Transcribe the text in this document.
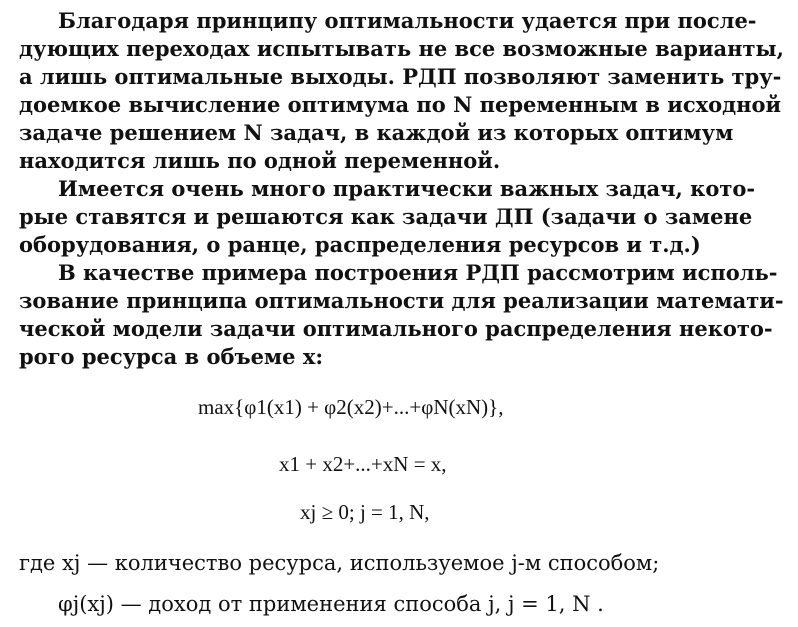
Благодаря принципу оптимальности удается при после-
дующих переходах испытывать не все возможные варианты,
а лишь оптимальные выходы. РДП позволяют заменить тру-
доемкое вычисление оптимума по N переменным в исходной
задаче решением N задач, в каждой из которых оптимум
находится лишь по одной переменной.
Имеется очень много практически важных задач, кото-
рые ставятся и решаются как задачи ДП (задачи о замене
оборудования, о ранце, распределения ресурсов и т.д.)
В качестве примера построения РДП рассмотрим исполь-
зование принципа оптимальности для реализации математи-
ческой модели задачи оптимального распределения некото-
рого ресурса в объеме x:
max{φ1(x1) + φ2(x2)+...+φN(xN)},
x1 + x2+...+xN = x,
xj ≥ 0; j = 1, N,
где xj — количество ресурса, используемое j-м способом;
φj(xj) — доход от применения способа j, j = 1, N .
